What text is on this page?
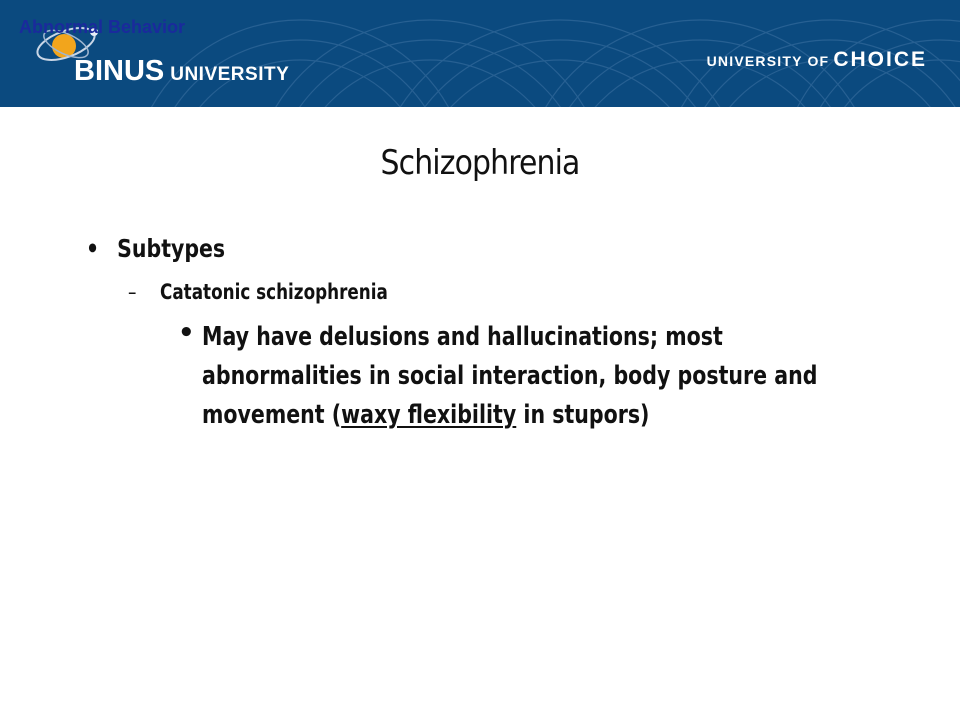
BINUS UNIVERSITY
UNIVERSITY OF CHOICE
Abnormal Behavior
Schizophrenia
• Subtypes
– Catatonic schizophrenia
• May have delusions and hallucinations; most
abnormalities in social interaction, body posture and
movement (waxy flexibility in stupors)
